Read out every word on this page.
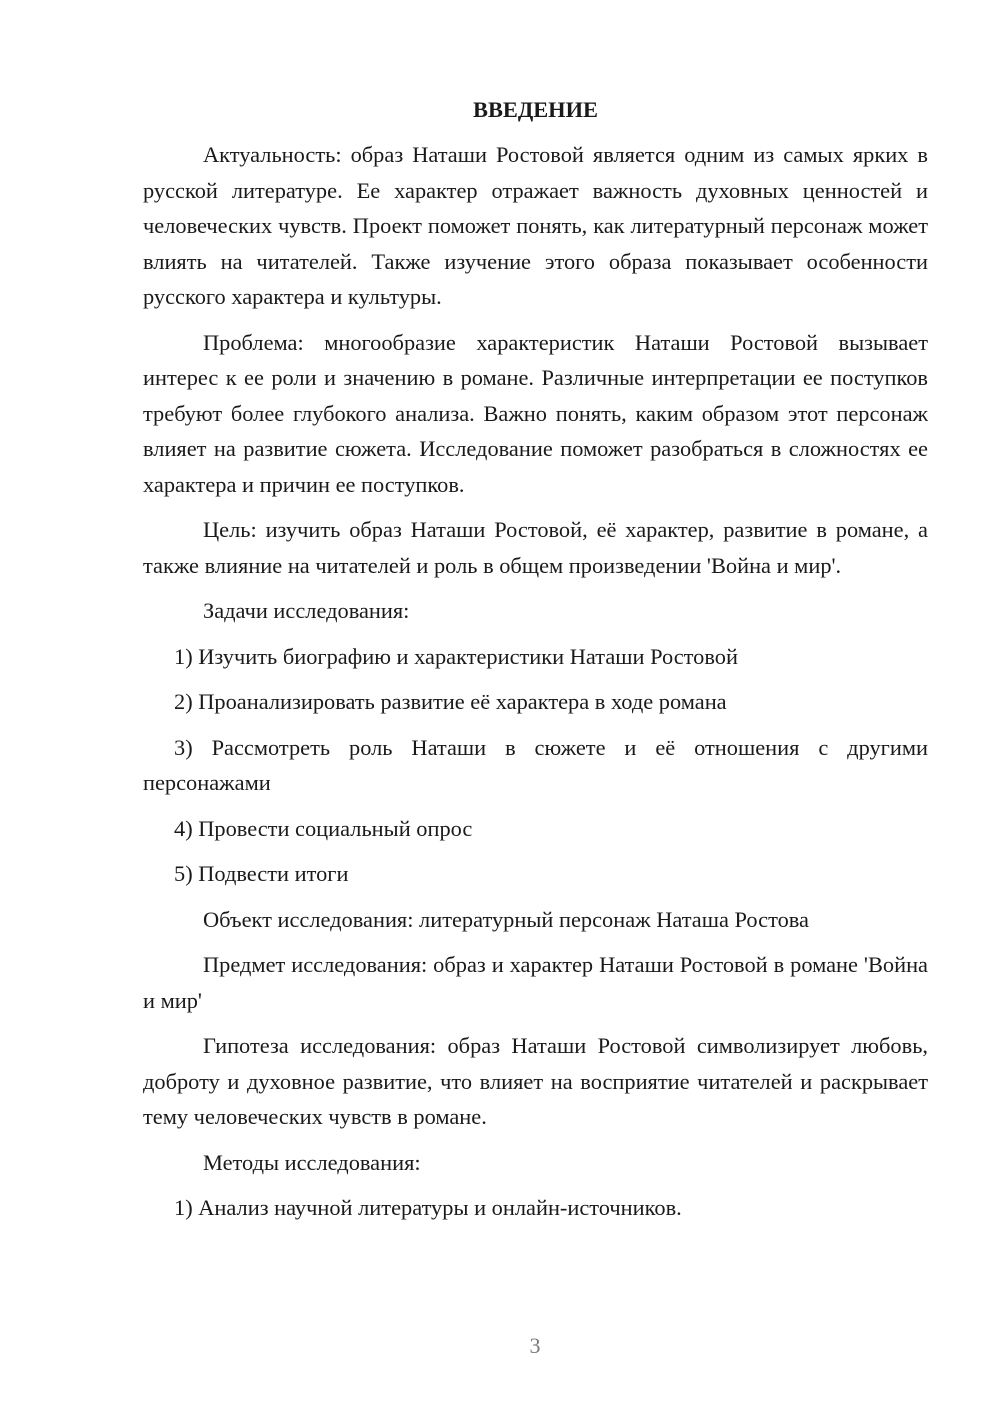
ВВЕДЕНИЕ

Актуальность: образ Наташи Ростовой является одним из самых ярких в русской литературе. Ее характер отражает важность духовных ценностей и человеческих чувств. Проект поможет понять, как литературный персонаж может влиять на читателей. Также изучение этого образа показывает особенности русского характера и культуры.

Проблема: многообразие характеристик Наташи Ростовой вызывает интерес к ее роли и значению в романе. Различные интерпретации ее поступков требуют более глубокого анализа. Важно понять, каким образом этот персонаж влияет на развитие сюжета. Исследование поможет разобраться в сложностях ее характера и причин ее поступков.

Цель: изучить образ Наташи Ростовой, её характер, развитие в романе, а также влияние на читателей и роль в общем произведении 'Война и мир'.

Задачи исследования:

1) Изучить биографию и характеристики Наташи Ростовой

2) Проанализировать развитие её характера в ходе романа

3) Рассмотреть роль Наташи в сюжете и её отношения с другими персонажами

4) Провести социальный опрос

5) Подвести итоги

Объект исследования: литературный персонаж Наташа Ростова

Предмет исследования: образ и характер Наташи Ростовой в романе 'Война и мир'

Гипотеза исследования: образ Наташи Ростовой символизирует любовь, доброту и духовное развитие, что влияет на восприятие читателей и раскрывает тему человеческих чувств в романе.

Методы исследования:

1) Анализ научной литературы и онлайн-источников.

3
